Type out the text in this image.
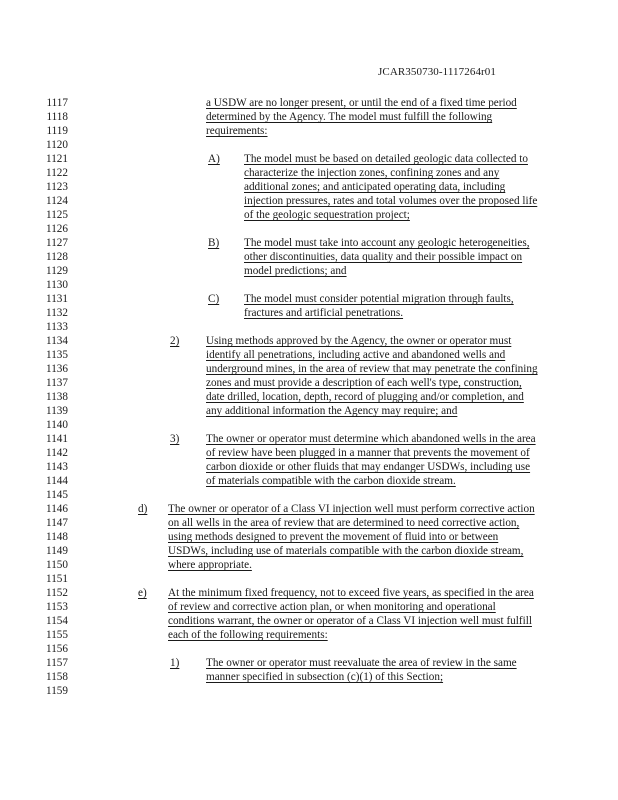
JCAR350730-1117264r01
1117	a USDW are no longer present, or until the end of a fixed time period
1118	determined by the Agency. The model must fulfill the following
1119	requirements:
1120
1121	A) The model must be based on detailed geologic data collected to
1122	characterize the injection zones, confining zones and any
1123	additional zones; and anticipated operating data, including
1124	injection pressures, rates and total volumes over the proposed life
1125	of the geologic sequestration project;
1126
1127	B) The model must take into account any geologic heterogeneities,
1128	other discontinuities, data quality and their possible impact on
1129	model predictions; and
1130
1131	C) The model must consider potential migration through faults,
1132	fractures and artificial penetrations.
1133
1134	2) Using methods approved by the Agency, the owner or operator must
1135	identify all penetrations, including active and abandoned wells and
1136	underground mines, in the area of review that may penetrate the confining
1137	zones and must provide a description of each well's type, construction,
1138	date drilled, location, depth, record of plugging and/or completion, and
1139	any additional information the Agency may require; and
1140
1141	3) The owner or operator must determine which abandoned wells in the area
1142	of review have been plugged in a manner that prevents the movement of
1143	carbon dioxide or other fluids that may endanger USDWs, including use
1144	of materials compatible with the carbon dioxide stream.
1145
1146	d) The owner or operator of a Class VI injection well must perform corrective action
1147	on all wells in the area of review that are determined to need corrective action,
1148	using methods designed to prevent the movement of fluid into or between
1149	USDWs, including use of materials compatible with the carbon dioxide stream,
1150	where appropriate.
1151
1152	e) At the minimum fixed frequency, not to exceed five years, as specified in the area
1153	of review and corrective action plan, or when monitoring and operational
1154	conditions warrant, the owner or operator of a Class VI injection well must fulfill
1155	each of the following requirements:
1156
1157	1) The owner or operator must reevaluate the area of review in the same
1158	manner specified in subsection (c)(1) of this Section;
1159
